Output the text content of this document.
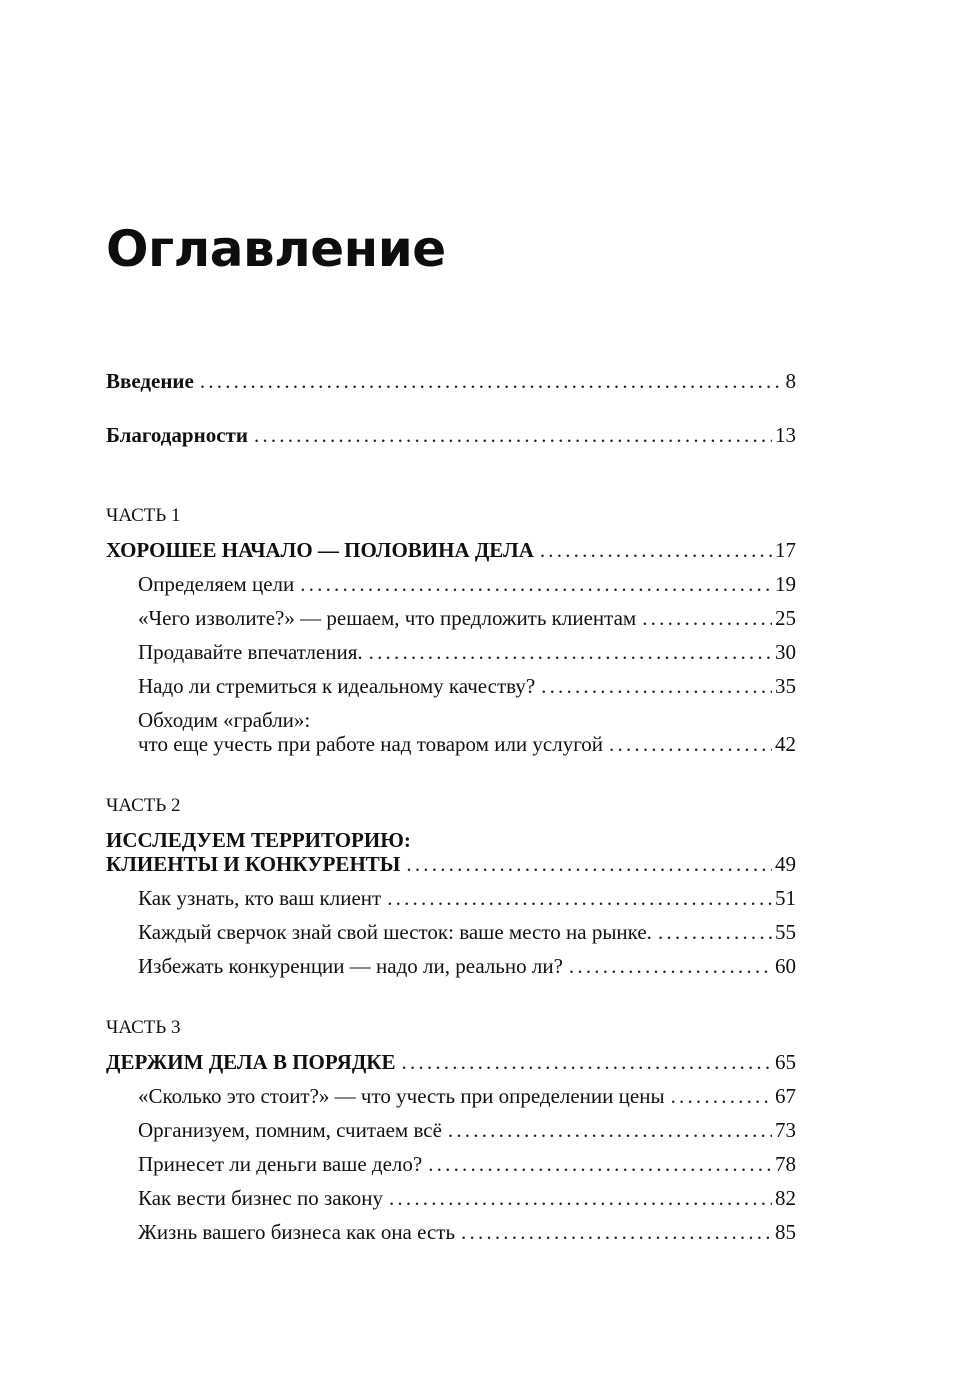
Оглавление
Введение .....	8
Благодарности .....	13
ЧАСТЬ 1
ХОРОШЕЕ НАЧАЛО — ПОЛОВИНА ДЕЛА .....	17
Определяем цели .....	19
«Чего изволите?» — решаем, что предложить клиентам .....	25
Продавайте впечатления. .....	30
Надо ли стремиться к идеальному качеству? .....	35
Обходим «грабли»:
что еще учесть при работе над товаром или услугой .....	42
ЧАСТЬ 2
ИССЛЕДУЕМ ТЕРРИТОРИЮ:
КЛИЕНТЫ И КОНКУРЕНТЫ .....	49
Как узнать, кто ваш клиент .....	51
Каждый сверчок знай свой шесток: ваше место на рынке. .....	55
Избежать конкуренции — надо ли, реально ли? .....	60
ЧАСТЬ 3
ДЕРЖИМ ДЕЛА В ПОРЯДКЕ .....	65
«Сколько это стоит?» — что учесть при определении цены .....	67
Организуем, помним, считаем всё .....	73
Принесет ли деньги ваше дело? .....	78
Как вести бизнес по закону .....	82
Жизнь вашего бизнеса как она есть .....	85
